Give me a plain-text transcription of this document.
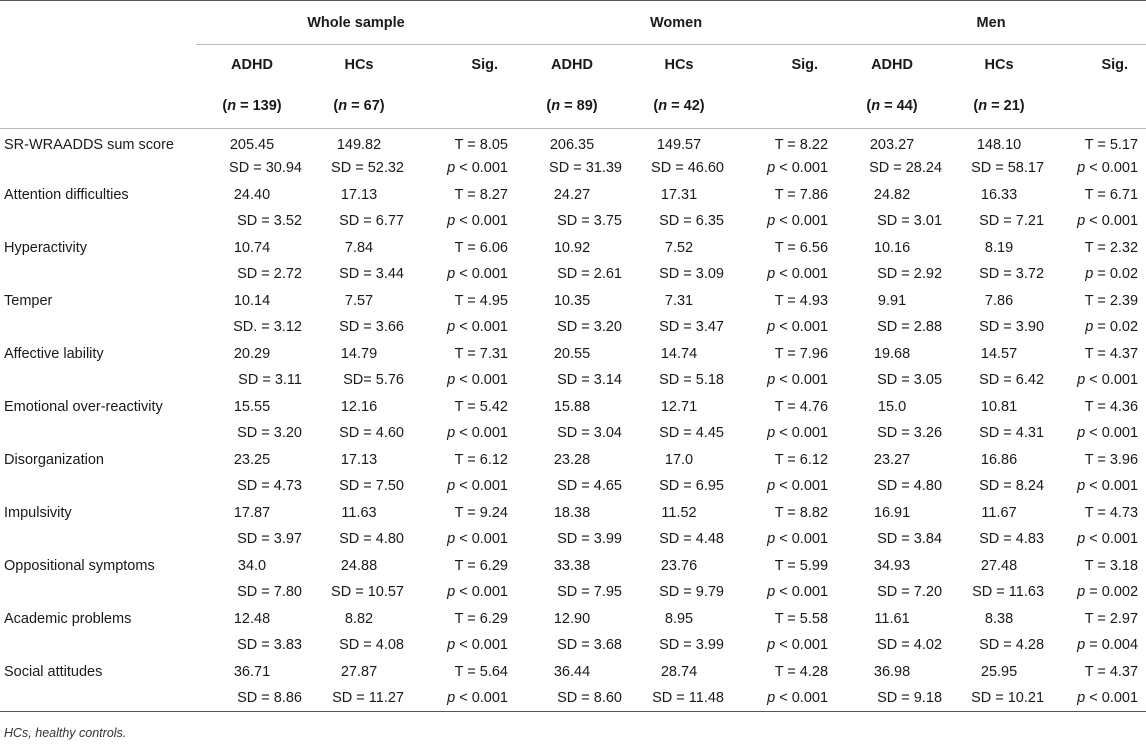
	Whole sample			Women			Men		
	ADHD	HCs	Sig.	ADHD	HCs	Sig.	ADHD	HCs	Sig.
	(n = 139)	(n = 67)		(n = 89)	(n = 42)		(n = 44)	(n = 21)	
SR-WRAADDS sum score	205.45	149.82	T = 8.05	206.35	149.57	T = 8.22	203.27	148.10	T = 5.17
	SD = 30.94	SD = 52.32	p < 0.001	SD = 31.39	SD = 46.60	p < 0.001	SD = 28.24	SD = 58.17	p < 0.001
Attention difficulties	24.40	17.13	T = 8.27	24.27	17.31	T = 7.86	24.82	16.33	T = 6.71
	SD = 3.52	SD = 6.77	p < 0.001	SD = 3.75	SD = 6.35	p < 0.001	SD = 3.01	SD = 7.21	p < 0.001
Hyperactivity	10.74	7.84	T = 6.06	10.92	7.52	T = 6.56	10.16	8.19	T = 2.32
	SD = 2.72	SD = 3.44	p < 0.001	SD = 2.61	SD = 3.09	p < 0.001	SD = 2.92	SD = 3.72	p = 0.02
Temper	10.14	7.57	T = 4.95	10.35	7.31	T = 4.93	9.91	7.86	T = 2.39
	SD. = 3.12	SD = 3.66	p < 0.001	SD = 3.20	SD = 3.47	p < 0.001	SD = 2.88	SD = 3.90	p = 0.02
Affective lability	20.29	14.79	T = 7.31	20.55	14.74	T = 7.96	19.68	14.57	T = 4.37
	SD = 3.11	SD= 5.76	p < 0.001	SD = 3.14	SD = 5.18	p < 0.001	SD = 3.05	SD = 6.42	p < 0.001
Emotional over-reactivity	15.55	12.16	T = 5.42	15.88	12.71	T = 4.76	15.0	10.81	T = 4.36
	SD = 3.20	SD = 4.60	p < 0.001	SD = 3.04	SD = 4.45	p < 0.001	SD = 3.26	SD = 4.31	p < 0.001
Disorganization	23.25	17.13	T = 6.12	23.28	17.0	T = 6.12	23.27	16.86	T = 3.96
	SD = 4.73	SD = 7.50	p < 0.001	SD = 4.65	SD = 6.95	p < 0.001	SD = 4.80	SD = 8.24	p < 0.001
Impulsivity	17.87	11.63	T = 9.24	18.38	11.52	T = 8.82	16.91	11.67	T = 4.73
	SD = 3.97	SD = 4.80	p < 0.001	SD = 3.99	SD = 4.48	p < 0.001	SD = 3.84	SD = 4.83	p < 0.001
Oppositional symptoms	34.0	24.88	T = 6.29	33.38	23.76	T = 5.99	34.93	27.48	T = 3.18
	SD = 7.80	SD = 10.57	p < 0.001	SD = 7.95	SD = 9.79	p < 0.001	SD = 7.20	SD = 11.63	p = 0.002
Academic problems	12.48	8.82	T = 6.29	12.90	8.95	T = 5.58	11.61	8.38	T = 2.97
	SD = 3.83	SD = 4.08	p < 0.001	SD = 3.68	SD = 3.99	p < 0.001	SD = 4.02	SD = 4.28	p = 0.004
Social attitudes	36.71	27.87	T = 5.64	36.44	28.74	T = 4.28	36.98	25.95	T = 4.37
	SD = 8.86	SD = 11.27	p < 0.001	SD = 8.60	SD = 11.48	p < 0.001	SD = 9.18	SD = 10.21	p < 0.001
HCs, healthy controls.
